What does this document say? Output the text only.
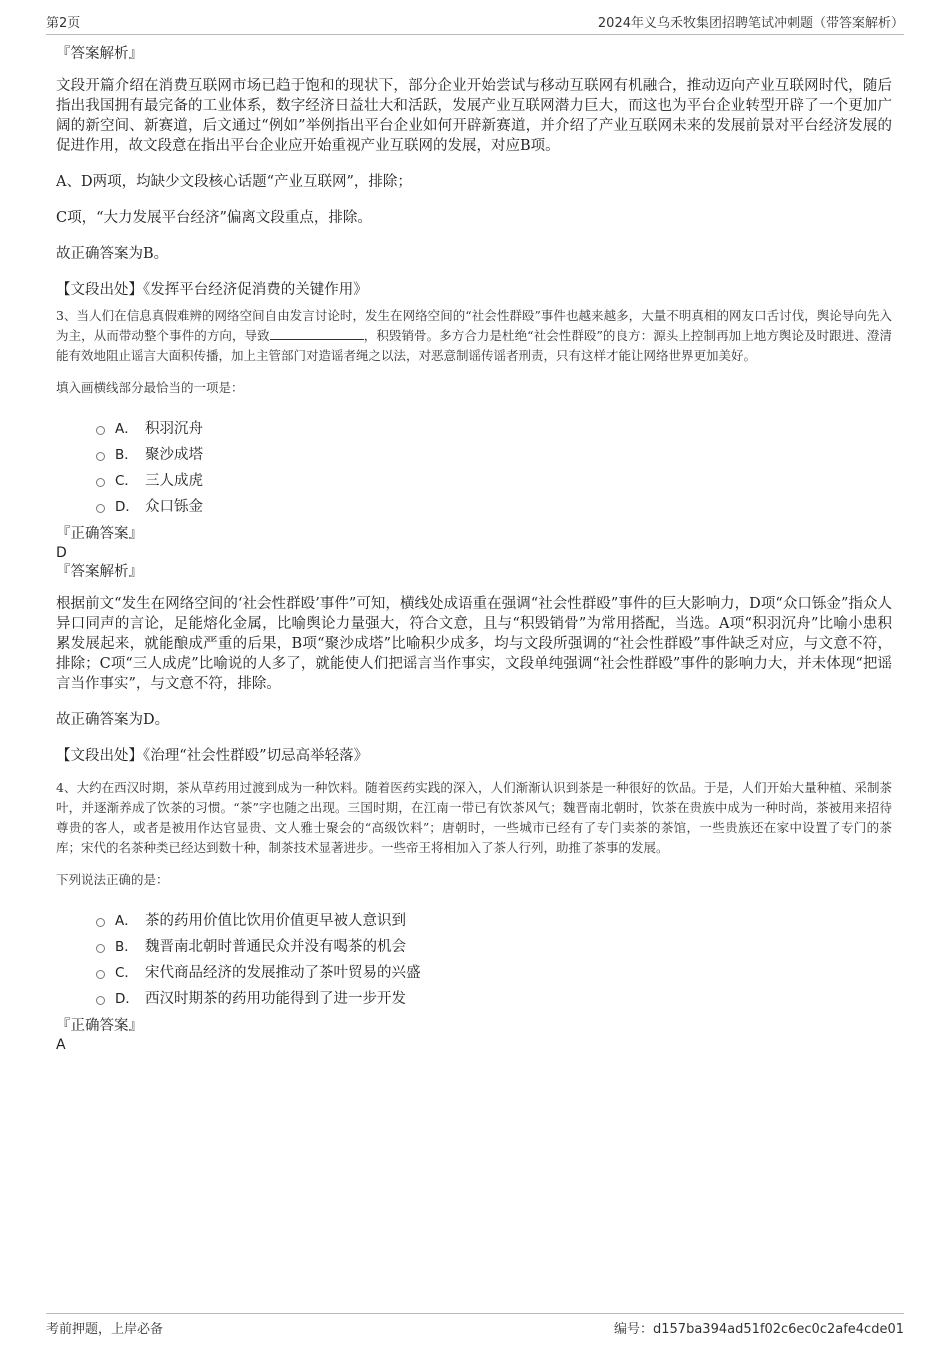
第2页	2024年义乌禾牧集团招聘笔试冲刺题（带答案解析）

『答案解析』

文段开篇介绍在消费互联网市场已趋于饱和的现状下，部分企业开始尝试与移动互联网有机融合，推动迈向产业互联网时代，随后指出我国拥有最完备的工业体系，数字经济日益壮大和活跃，发展产业互联网潜力巨大，而这也为平台企业转型开辟了一个更加广阔的新空间、新赛道，后文通过“例如”举例指出平台企业如何开辟新赛道，并介绍了产业互联网未来的发展前景对平台经济发展的促进作用，故文段意在指出平台企业应开始重视产业互联网的发展，对应B项。

A、D两项，均缺少文段核心话题“产业互联网”，排除；

C项，“大力发展平台经济”偏离文段重点，排除。

故正确答案为B。

【文段出处】《发挥平台经济促消费的关键作用》

3、当人们在信息真假难辨的网络空间自由发言讨论时，发生在网络空间的“社会性群殴”事件也越来越多，大量不明真相的网友口舌讨伐，舆论导向先入为主，从而带动整个事件的方向，导致	，积毁销骨。多方合力是杜绝“社会性群殴”的良方：源头上控制再加上地方舆论及时跟进、澄清能有效地阻止谣言大面积传播，加上主管部门对造谣者绳之以法，对恶意制谣传谣者刑责，只有这样才能让网络世界更加美好。

填入画横线部分最恰当的一项是：

A． 积羽沉舟
B． 聚沙成塔
C． 三人成虎
D． 众口铄金

『正确答案』

D

『答案解析』

根据前文“发生在网络空间的‘社会性群殴’事件”可知，横线处成语重在强调“社会性群殴”事件的巨大影响力，D项“众口铄金”指众人异口同声的言论，足能熔化金属，比喻舆论力量强大，符合文意，且与“积毁销骨”为常用搭配，当选。A项“积羽沉舟”比喻小患积累发展起来，就能酿成严重的后果，B项“聚沙成塔”比喻积少成多，均与文段所强调的“社会性群殴”事件缺乏对应，与文意不符，排除；C项“三人成虎”比喻说的人多了，就能使人们把谣言当作事实，文段单纯强调“社会性群殴”事件的影响力大，并未体现“把谣言当作事实”，与文意不符，排除。

故正确答案为D。

【文段出处】《治理“社会性群殴”切忌高举轻落》

4、大约在西汉时期，茶从草药用过渡到成为一种饮料。随着医药实践的深入，人们渐渐认识到茶是一种很好的饮品。于是，人们开始大量种植、采制茶叶，并逐渐养成了饮茶的习惯。“茶”字也随之出现。三国时期，在江南一带已有饮茶风气；魏晋南北朝时，饮茶在贵族中成为一种时尚，茶被用来招待尊贵的客人，或者是被用作达官显贵、文人雅士聚会的“高级饮料”；唐朝时，一些城市已经有了专门卖茶的茶馆，一些贵族还在家中设置了专门的茶库；宋代的名茶种类已经达到数十种，制茶技术显著进步。一些帝王将相加入了茶人行列，助推了茶事的发展。

下列说法正确的是：

A． 茶的药用价值比饮用价值更早被人意识到
B． 魏晋南北朝时普通民众并没有喝茶的机会
C． 宋代商品经济的发展推动了茶叶贸易的兴盛
D． 西汉时期茶的药用功能得到了进一步开发

『正确答案』

A

考前押题，上岸必备	编号：d157ba394ad51f02c6ec0c2afe4cde01
